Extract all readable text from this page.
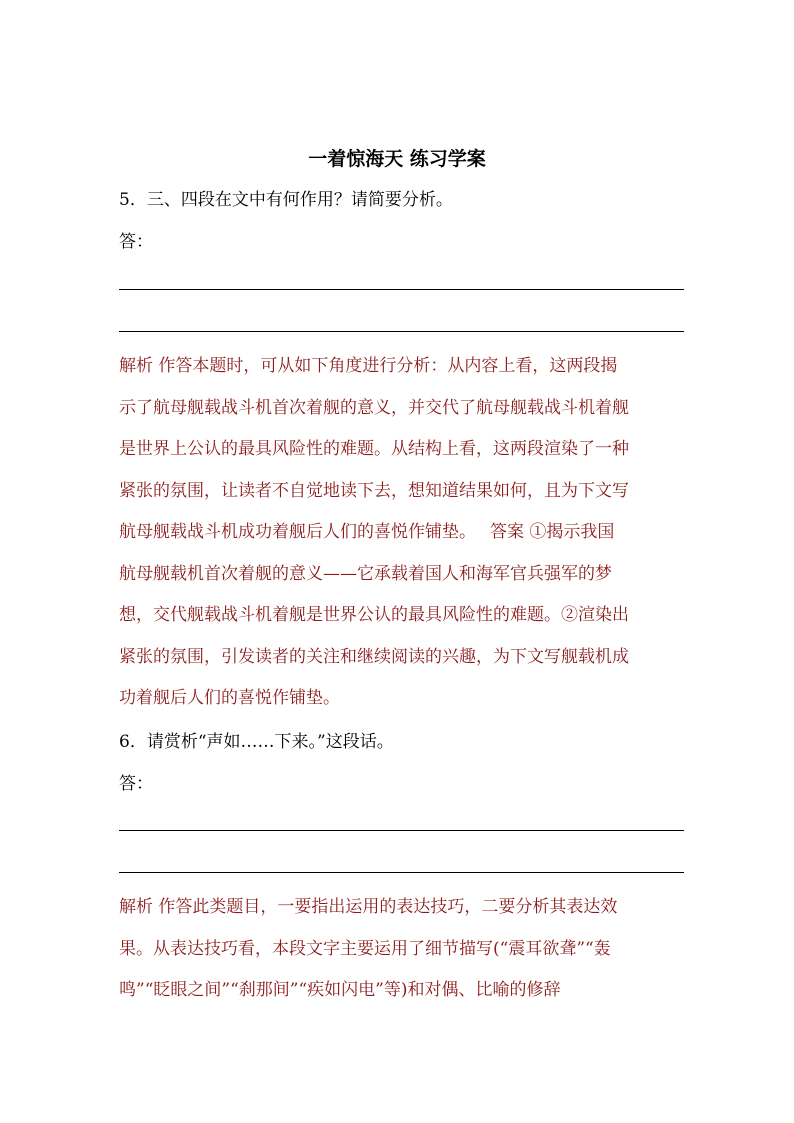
一着惊海天 练习学案
5．三、四段在文中有何作用？请简要分析。
答：
解析 作答本题时，可从如下角度进行分析：从内容上看，这两段揭
示了航母舰载战斗机首次着舰的意义，并交代了航母舰载战斗机着舰
是世界上公认的最具风险性的难题。从结构上看，这两段渲染了一种
紧张的氛围，让读者不自觉地读下去，想知道结果如何，且为下文写
航母舰载战斗机成功着舰后人们的喜悦作铺垫。 答案 ①揭示我国
航母舰载机首次着舰的意义——它承载着国人和海军官兵强军的梦
想，交代舰载战斗机着舰是世界公认的最具风险性的难题。②渲染出
紧张的氛围，引发读者的关注和继续阅读的兴趣，为下文写舰载机成
功着舰后人们的喜悦作铺垫。
6．请赏析“声如……下来。”这段话。
答：
解析 作答此类题目，一要指出运用的表达技巧，二要分析其表达效
果。从表达技巧看，本段文字主要运用了细节描写(“震耳欲聋”“轰
鸣”“眨眼之间”“刹那间”“疾如闪电”等)和对偶、比喻的修辞
